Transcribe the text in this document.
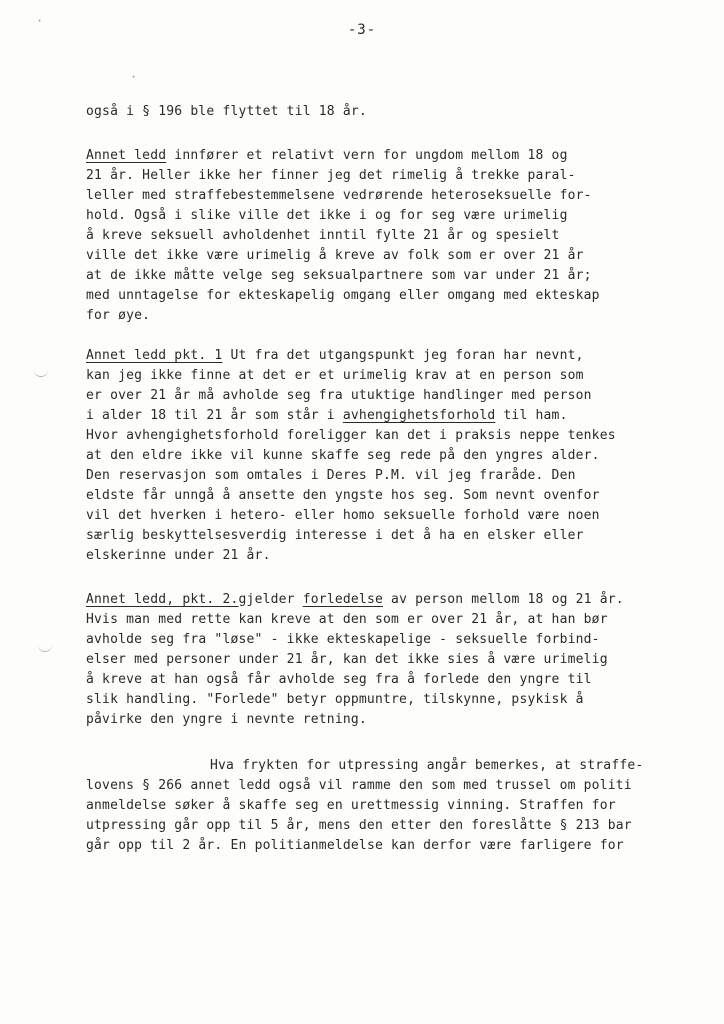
·
·
-3-
også i § 196 ble flyttet til 18 år.
Annet ledd innfører et relativt vern for ungdom mellom 18 og
21 år. Heller ikke her finner jeg det rimelig å trekke paral-
leller med straffebestemmelsene vedrørende heteroseksuelle for-
hold. Også i slike ville det ikke i og for seg være urimelig
å kreve seksuell avholdenhet inntil fylte 21 år og spesielt
ville det ikke være urimelig å kreve av folk som er over 21 år
at de ikke måtte velge seg seksualpartnere som var under 21 år;
med unntagelse for ekteskapelig omgang eller omgang med ekteskap
for øye.
Annet ledd pkt. 1 Ut fra det utgangspunkt jeg foran har nevnt,
kan jeg ikke finne at det er et urimelig krav at en person som
er over 21 år må avholde seg fra utuktige handlinger med person
i alder 18 til 21 år som står i avhengighetsforhold til ham.
Hvor avhengighetsforhold foreligger kan det i praksis neppe tenkes
at den eldre ikke vil kunne skaffe seg rede på den yngres alder.
Den reservasjon som omtales i Deres P.M. vil jeg fraråde. Den
eldste får unngå å ansette den yngste hos seg. Som nevnt ovenfor
vil det hverken i hetero- eller homo seksuelle forhold være noen
særlig beskyttelsesverdig interesse i det å ha en elsker eller
elskerinne under 21 år.
Annet ledd, pkt. 2.gjelder forledelse av person mellom 18 og 21 år.
Hvis man med rette kan kreve at den som er over 21 år, at han bør
avholde seg fra "løse" - ikke ekteskapelige - seksuelle forbind-
elser med personer under 21 år, kan det ikke sies å være urimelig
å kreve at han også får avholde seg fra å forlede den yngre til
slik handling. "Forlede" betyr oppmuntre, tilskynne, psykisk å
påvirke den yngre i nevnte retning.
Hva frykten for utpressing angår bemerkes, at straffe-
lovens § 266 annet ledd også vil ramme den som med trussel om politi
anmeldelse søker å skaffe seg en urettmessig vinning. Straffen for
utpressing går opp til 5 år, mens den etter den foreslåtte § 213 bar
går opp til 2 år. En politianmeldelse kan derfor være farligere for
